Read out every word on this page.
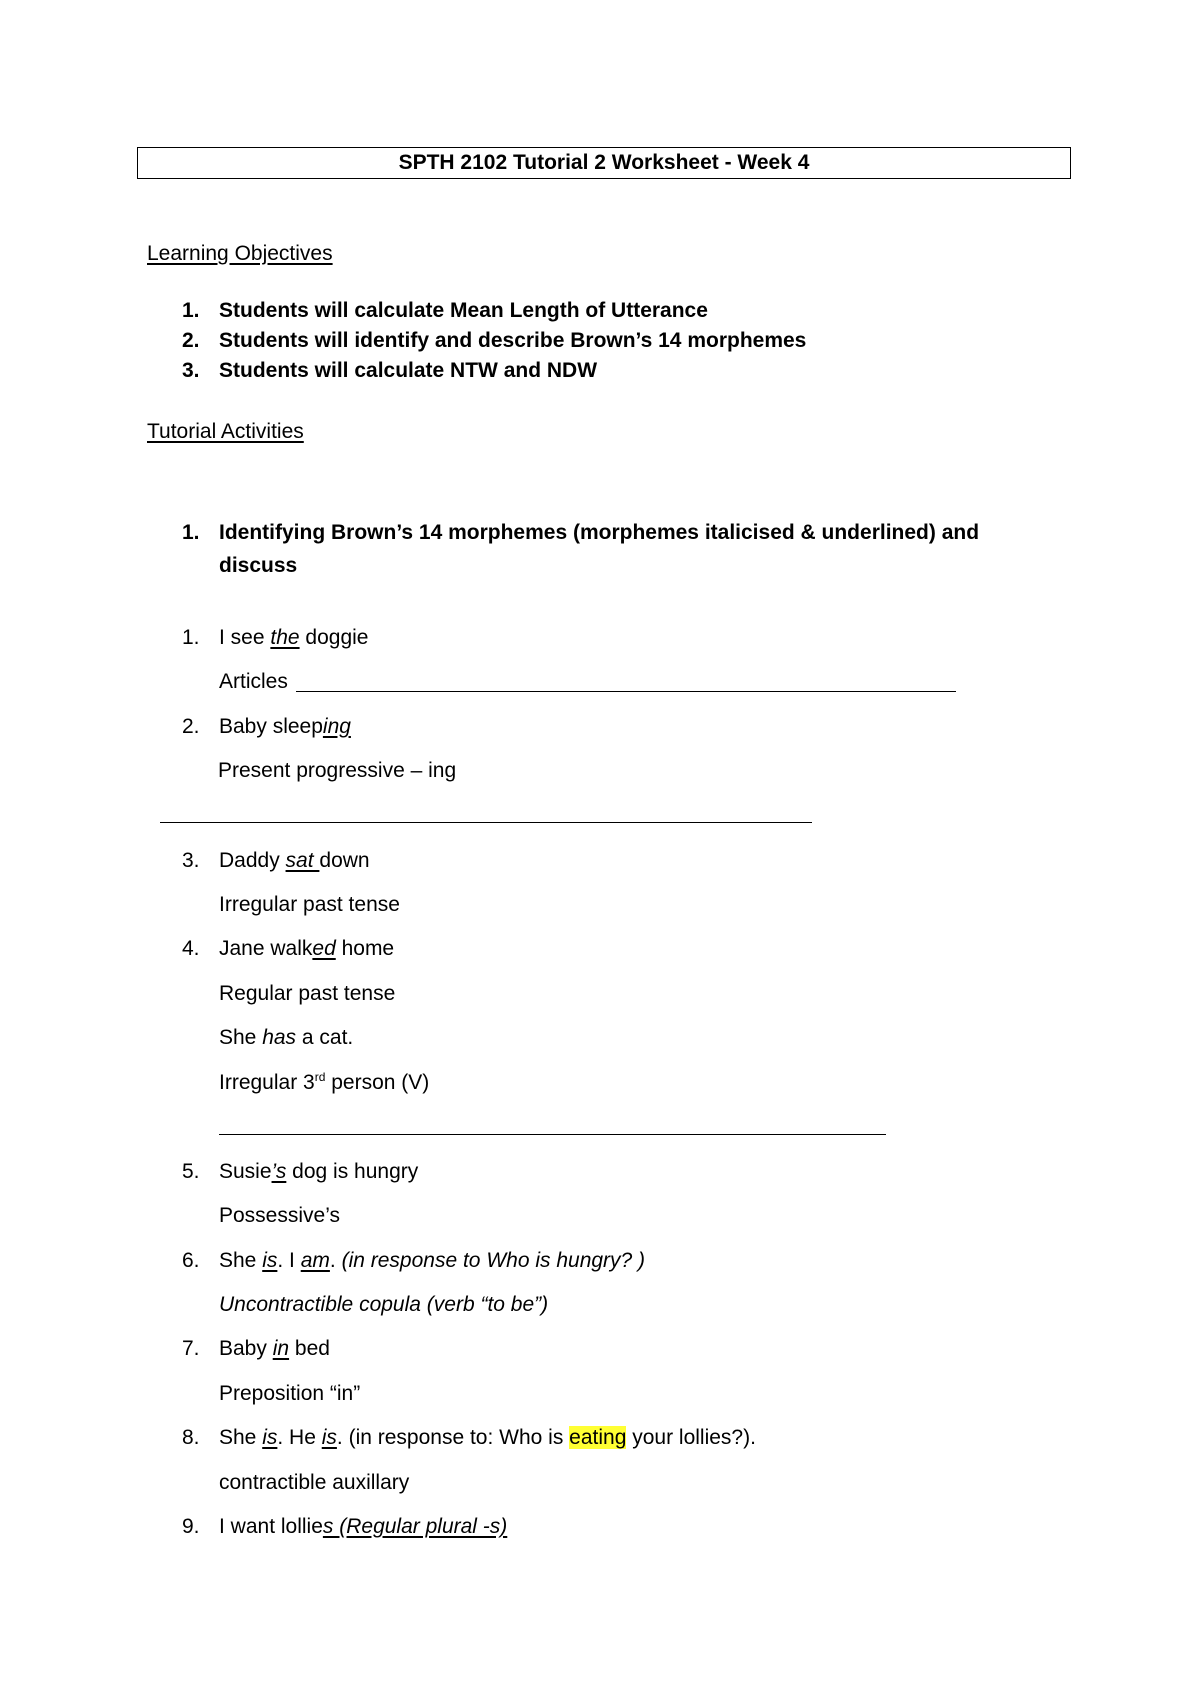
SPTH 2102 Tutorial 2 Worksheet - Week 4
Learning Objectives
1. Students will calculate Mean Length of Utterance
2. Students will identify and describe Brown’s 14 morphemes
3. Students will calculate NTW and NDW
Tutorial Activities
1. Identifying Brown’s 14 morphemes (morphemes italicised & underlined) and
discuss
1. I see the doggie
Articles
2. Baby sleeping
Present progressive – ing
3. Daddy sat down
Irregular past tense
4. Jane walked home
Regular past tense
She has a cat.
Irregular 3rd person (V)
5. Susie’s dog is hungry
Possessive’s
6. She is. I am. (in response to Who is hungry? )
Uncontractible copula (verb “to be”)
7. Baby in bed
Preposition “in”
8. She is. He is. (in response to: Who is eating your lollies?).
contractible auxillary
9. I want lollies (Regular plural -s)
